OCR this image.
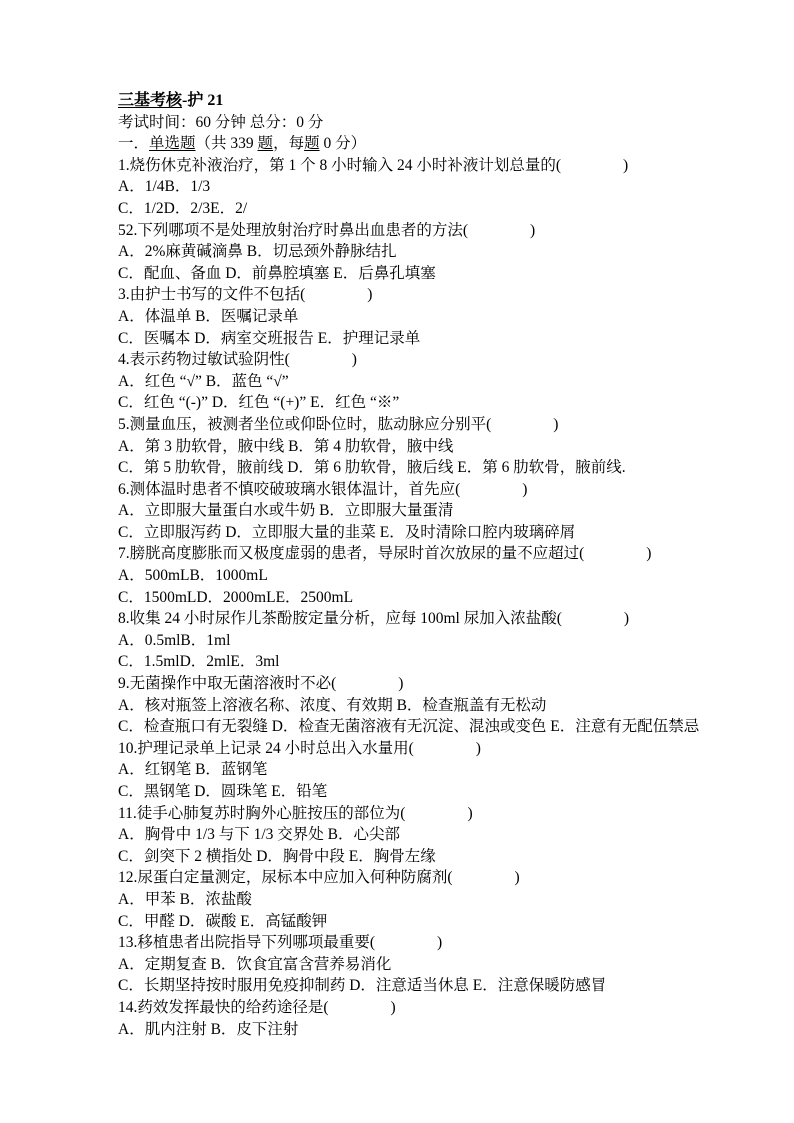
三基考核-护 21
考试时间：60 分钟 总分：0 分
一．单选题（共 339 题，每题 0 分）
1.烧伤休克补液治疗，第 1 个 8 小时输入 24 小时补液计划总量的(　　　　)
A．1/4B．1/3
C．1/2D．2/3E．2/
52.下列哪项不是处理放射治疗时鼻出血患者的方法(　　　　)
A．2%麻黄碱滴鼻 B．切忌颈外静脉结扎
C．配血、备血 D．前鼻腔填塞 E．后鼻孔填塞
3.由护士书写的文件不包括(　　　　)
A．体温单 B．医嘱记录单
C．医嘱本 D．病室交班报告 E．护理记录单
4.表示药物过敏试验阴性(　　　　)
A．红色 “√” B．蓝色 “√”
C．红色 “(-)” D．红色 “(+)” E．红色 “※”
5.测量血压，被测者坐位或仰卧位时，肱动脉应分别平(　　　　)
A．第 3 肋软骨，腋中线 B．第 4 肋软骨，腋中线
C．第 5 肋软骨，腋前线 D．第 6 肋软骨，腋后线 E．第 6 肋软骨，腋前线.
6.测体温时患者不慎咬破玻璃水银体温计，首先应(　　　　)
A．立即服大量蛋白水或牛奶 B．立即服大量蛋清
C．立即服泻药 D．立即服大量的韭菜 E．及时清除口腔内玻璃碎屑
7.膀胱高度膨胀而又极度虚弱的患者，导尿时首次放尿的量不应超过(　　　　)
A．500mLB．1000mL
C．1500mLD．2000mLE．2500mL
8.收集 24 小时尿作儿茶酚胺定量分析，应每 100ml 尿加入浓盐酸(　　　　)
A．0.5mlB．1ml
C．1.5mlD．2mlE．3ml
9.无菌操作中取无菌溶液时不必(　　　　)
A．核对瓶签上溶液名称、浓度、有效期 B．检查瓶盖有无松动
C．检查瓶口有无裂缝 D．检查无菌溶液有无沉淀、混浊或变色 E．注意有无配伍禁忌
10.护理记录单上记录 24 小时总出入水量用(　　　　)
A．红钢笔 B．蓝钢笔
C．黑钢笔 D．圆珠笔 E．铅笔
11.徒手心肺复苏时胸外心脏按压的部位为(　　　　)
A．胸骨中 1/3 与下 1/3 交界处 B．心尖部
C．剑突下 2 横指处 D．胸骨中段 E．胸骨左缘
12.尿蛋白定量测定，尿标本中应加入何种防腐剂(　　　　)
A．甲苯 B．浓盐酸
C．甲醛 D．碳酸 E．高锰酸钾
13.移植患者出院指导下列哪项最重要(　　　　)
A．定期复查 B．饮食宜富含营养易消化
C．长期坚持按时服用免疫抑制药 D．注意适当休息 E．注意保暖防感冒
14.药效发挥最快的给药途径是(　　　　)
A．肌内注射 B．皮下注射
